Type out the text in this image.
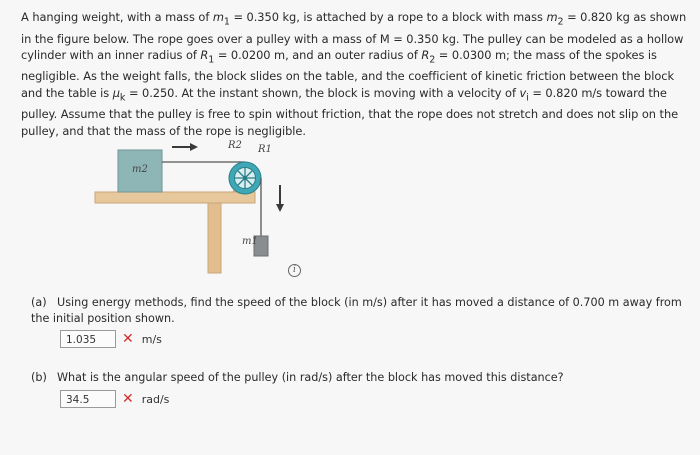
A hanging weight, with a mass of $m_1 = 0.350$ kg, is attached by a rope to a block with mass $m_2 = 0.820$ kg as shown in the figure below. The rope goes over a pulley with a mass of M = 0.350 kg. The pulley can be modeled as a hollow cylinder with an inner radius of $R_1 = 0.0200$ m, and an outer radius of $R_2 = 0.0300$ m; the mass of the spokes is negligible. As the weight falls, the block slides on the table, and the coefficient of kinetic friction between the block and the table is $\mu_k = 0.250$. At the instant shown, the block is moving with a velocity of $v_i = 0.820$ m/s toward the pulley. Assume that the pulley is free to spin without friction, that the rope does not stretch and does not slip on the pulley, and that the mass of the rope is negligible.
m2
R2 R1
m1
i
(a) Using energy methods, find the speed of the block (in m/s) after it has moved a distance of 0.700 m away from the initial position shown.
1.035	✕ m/s
(b) What is the angular speed of the pulley (in rad/s) after the block has moved this distance?
34.5	✕ rad/s
